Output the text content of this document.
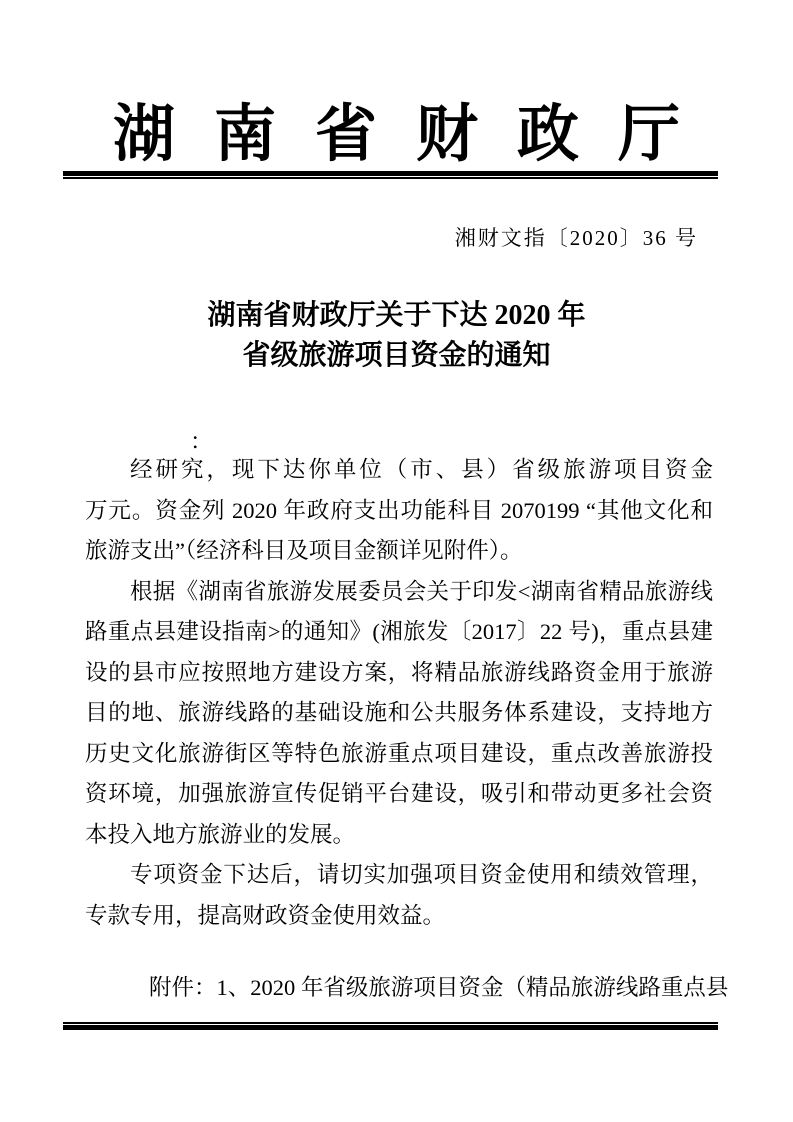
湖南省财政厅
湘财文指〔2020〕36 号
湖南省财政厅关于下达 2020 年
省级旅游项目资金的通知
：

经研究，现下达你单位（市、县）省级旅游项目资金　　万元。资金列 2020 年政府支出功能科目 2070199 “其他文化和旅游支出”（经济科目及项目金额详见附件）。

根据《湖南省旅游发展委员会关于印发<湖南省精品旅游线路重点县建设指南>的通知》(湘旅发〔2017〕22 号)，重点县建设的县市应按照地方建设方案，将精品旅游线路资金用于旅游目的地、旅游线路的基础设施和公共服务体系建设，支持地方历史文化旅游街区等特色旅游重点项目建设，重点改善旅游投资环境，加强旅游宣传促销平台建设，吸引和带动更多社会资本投入地方旅游业的发展。

专项资金下达后，请切实加强项目资金使用和绩效管理，专款专用，提高财政资金使用效益。

附件：1、2020 年省级旅游项目资金（精品旅游线路重点县
